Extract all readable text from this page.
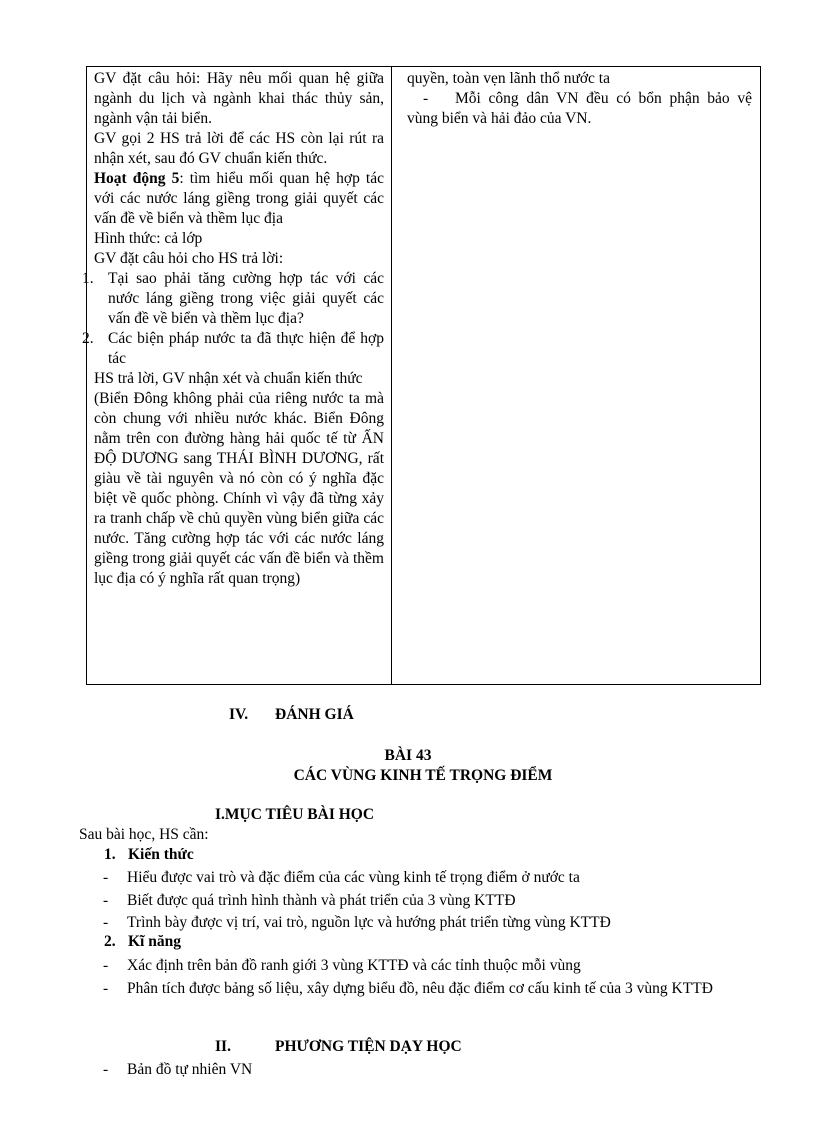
GV đặt câu hỏi: Hãy nêu mối quan hệ giữa ngành du lịch và ngành khai thác thủy sản, ngành vận tải biển.

GV gọi 2 HS trả lời để các HS còn lại rút ra nhận xét, sau đó GV chuẩn kiến thức.

Hoạt động 5: tìm hiểu mối quan hệ hợp tác với các nước láng giềng trong giải quyết các vấn đề về biển và thềm lục địa

Hình thức: cả lớp

GV đặt câu hỏi cho HS trả lời:

1. Tại sao phải tăng cường hợp tác với các nước láng giềng trong việc giải quyết các vấn đề về biển và thềm lục địa?

2. Các biện pháp nước ta đã thực hiện để hợp tác

HS trả lời, GV nhận xét và chuẩn kiến thức

(Biển Đông không phải của riêng nước ta mà còn chung với nhiều nước khác. Biển Đông nằm trên con đường hàng hải quốc tế từ ẤN ĐỘ DƯƠNG sang THÁI BÌNH DƯƠNG, rất giàu về tài nguyên và nó còn có ý nghĩa đặc biệt về quốc phòng. Chính vì vậy đã từng xảy ra tranh chấp về chủ quyền vùng biển giữa các nước. Tăng cường hợp tác với các nước láng giềng trong giải quyết các vấn đề biển và thềm lục địa có ý nghĩa rất quan trọng)

quyền, toàn vẹn lãnh thổ nước ta

- Mỗi công dân VN đều có bổn phận bảo vệ vùng biển và hải đảo của VN.

IV. ĐÁNH GIÁ
BÀI 43
CÁC VÙNG KINH TẾ TRỌNG ĐIỂM
I.MỤC TIÊU BÀI HỌC
Sau bài học, HS cần:
1. Kiến thức
- Hiểu được vai trò và đặc điểm của các vùng kinh tế trọng điểm ở nước ta
- Biết được quá trình hình thành và phát triển của 3 vùng KTTĐ
- Trình bày được vị trí, vai trò, nguồn lực và hướng phát triển từng vùng KTTĐ
2. Kĩ năng
- Xác định trên bản đồ ranh giới 3 vùng KTTĐ và các tỉnh thuộc mỗi vùng
- Phân tích được bảng số liệu, xây dựng biểu đồ, nêu đặc điểm cơ cấu kinh tế của 3 vùng KTTĐ
II.	PHƯƠNG TIỆN DẠY HỌC
- Bản đồ tự nhiên VN
